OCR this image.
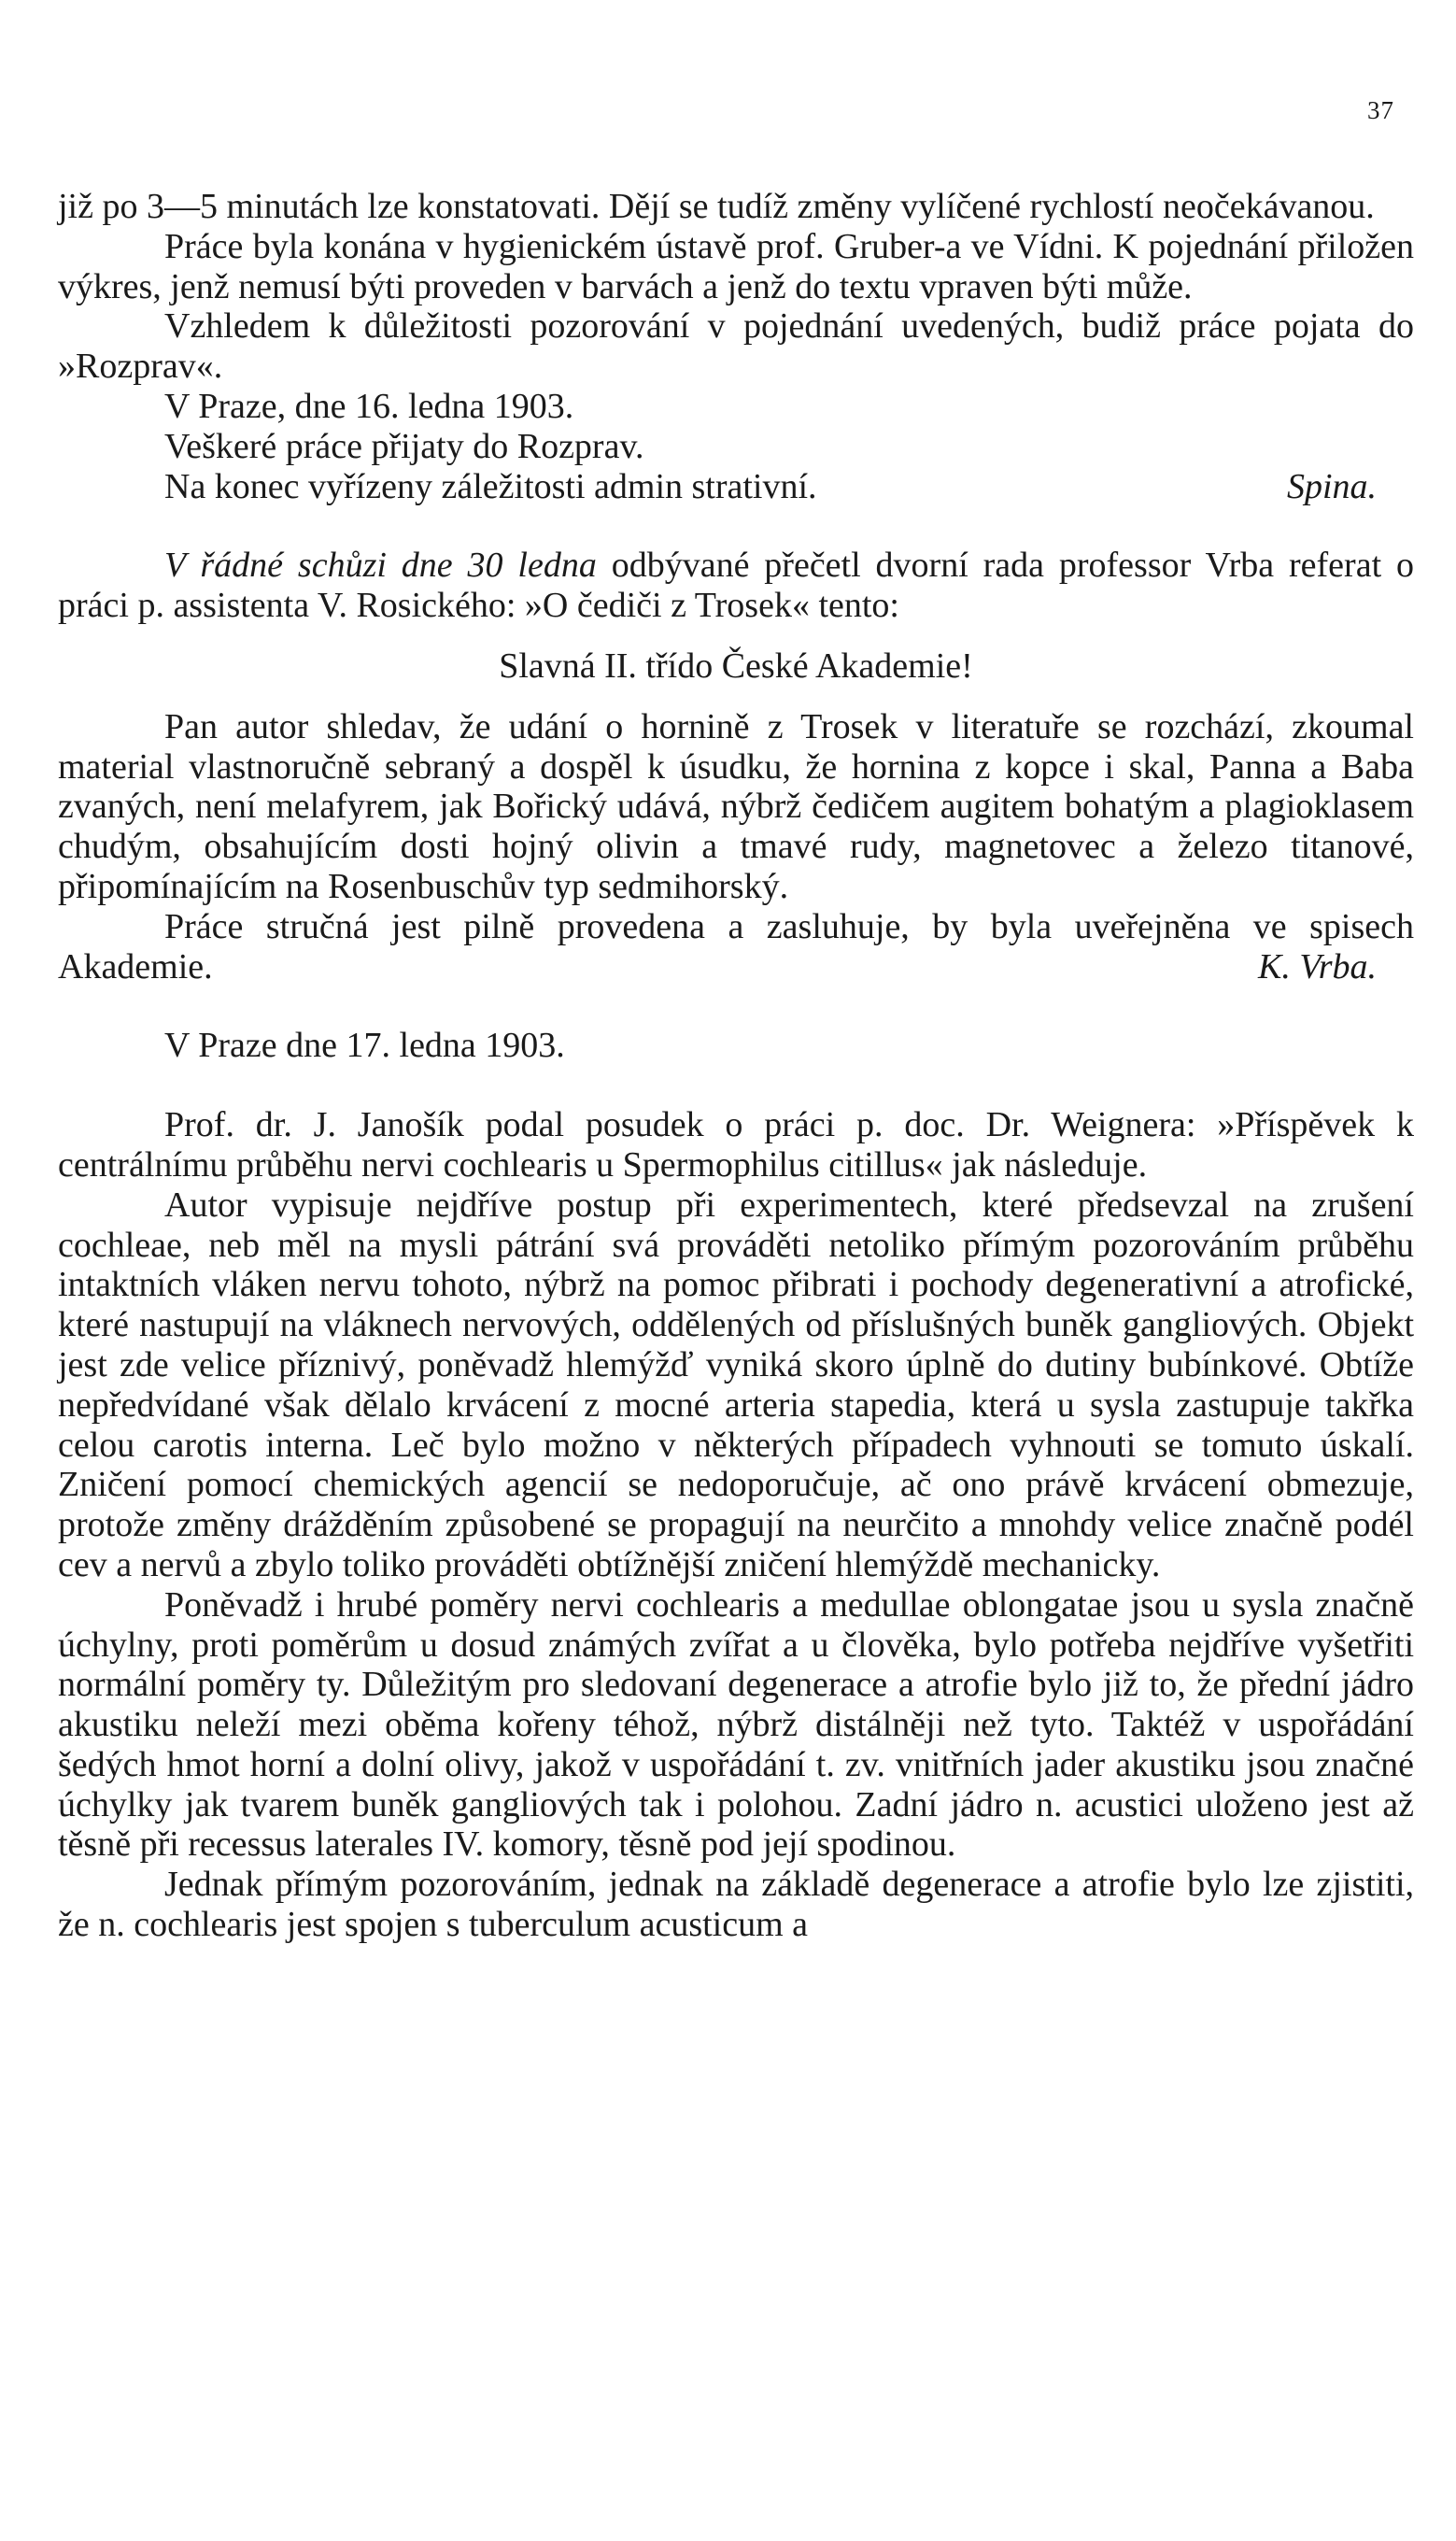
37

již po 3—5 minutách lze konstatovati. Dějí se tudíž změny vylíčené rychlostí neočekávanou.

Práce byla konána v hygienickém ústavě prof. Gruber-a ve Vídni. K pojednání přiložen výkres, jenž nemusí býti proveden v barvách a jenž do textu vpraven býti může.

Vzhledem k důležitosti pozorování v pojednání uvedených, budiž práce pojata do »Rozprav«.

V Praze, dne 16. ledna 1903.

Veškeré práce přijaty do Rozprav.

Na konec vyřízeny záležitosti admin strativní.	Spina.

V řádné schůzi dne 30 ledna odbývané přečetl dvorní rada professor Vrba referat o práci p. assistenta V. Rosického: »O čediči z Trosek« tento:

Slavná II. třído České Akademie!

Pan autor shledav, že udání o hornině z Trosek v literatuře se rozchází, zkoumal material vlastnoručně sebraný a dospěl k úsudku, že hornina z kopce i skal, Panna a Baba zvaných, není melafyrem, jak Bořický udává, nýbrž čedičem augitem bohatým a plagioklasem chudým, obsahujícím dosti hojný olivin a tmavé rudy, magnetovec a železo titanové, připomínajícím na Rosenbuschův typ sedmihorský.

Práce stručná jest pilně provedena a zasluhuje, by byla uveřejněna ve spisech Akademie.	K. Vrba.

V Praze dne 17. ledna 1903.

Prof. dr. J. Janošík podal posudek o práci p. doc. Dr. Weignera: »Příspěvek k centrálnímu průběhu nervi cochlearis u Spermophilus citillus« jak následuje.

Autor vypisuje nejdříve postup při experimentech, které předsevzal na zrušení cochleae, neb měl na mysli pátrání svá prováděti netoliko přímým pozorováním průběhu intaktních vláken nervu tohoto, nýbrž na pomoc přibrati i pochody degenerativní a atrofické, které nastupují na vláknech nervových, oddělených od příslušných buněk gangliových. Objekt jest zde velice příznivý, poněvadž hlemýžď vyniká skoro úplně do dutiny bubínkové. Obtíže nepředvídané však dělalo krvácení z mocné arteria stapedia, která u sysla zastupuje takřka celou carotis interna. Leč bylo možno v některých případech vyhnouti se tomuto úskalí. Zničení pomocí chemických agencií se nedoporučuje, ač ono právě krvácení obmezuje, protože změny drážděním způsobené se propagují na neurčito a mnohdy velice značně podél cev a nervů a zbylo toliko prováděti obtížnější zničení hlemýždě mechanicky.

Poněvadž i hrubé poměry nervi cochlearis a medullae oblongatae jsou u sysla značně úchylny, proti poměrům u dosud známých zvířat a u člověka, bylo potřeba nejdříve vyšetřiti normální poměry ty. Důležitým pro sledovaní degenerace a atrofie bylo již to, že přední jádro akustiku neleží mezi oběma kořeny téhož, nýbrž distálněji než tyto. Taktéž v uspořádání šedých hmot horní a dolní olivy, jakož v uspořádání t. zv. vnitřních jader akustiku jsou značné úchylky jak tvarem buněk gangliových tak i polohou. Zadní jádro n. acustici uloženo jest až těsně při recessus laterales IV. komory, těsně pod její spodinou.

Jednak přímým pozorováním, jednak na základě degenerace a atrofie bylo lze zjistiti, že n. cochlearis jest spojen s tuberculum acusticum a
